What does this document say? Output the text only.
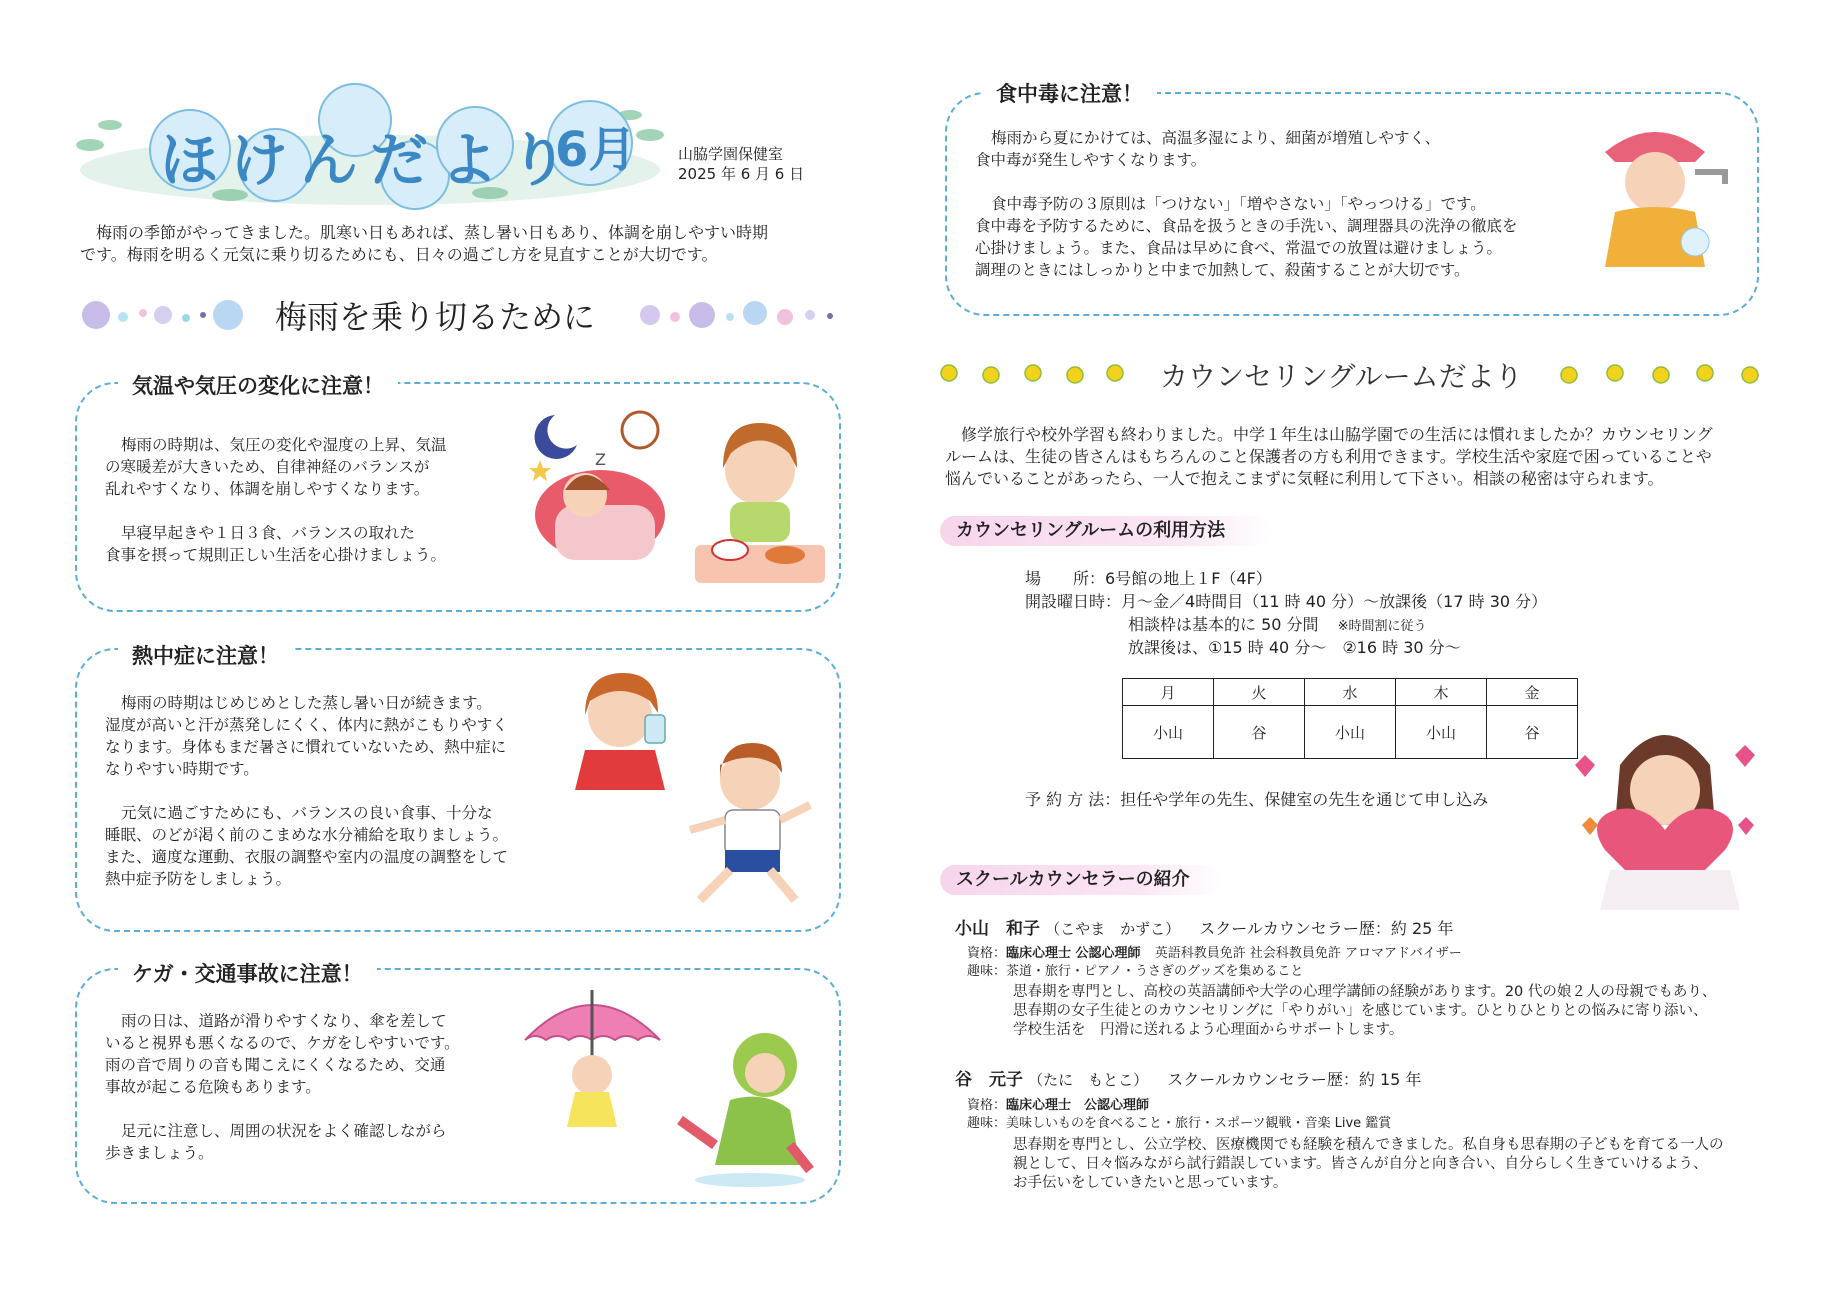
ほけんだより
6月	山脇学園保健室
2025 年 6 月 6 日
梅雨の季節がやってきました。肌寒い日もあれば、蒸し暑い日もあり、体調を崩しやすい時期
です。梅雨を明るく元気に乗り切るためにも、日々の過ごし方を見直すことが大切です。
梅雨を乗り切るために
気温や気圧の変化に注意！

梅雨の時期は、気圧の変化や湿度の上昇、気温
の寒暖差が大きいため、自律神経のバランスが
乱れやすくなり、体調を崩しやすくなります。

早寝早起きや１日３食、バランスの取れた
食事を摂って規則正しい生活を心掛けましょう。

Z
熱中症に注意！

梅雨の時期はじめじめとした蒸し暑い日が続きます。
湿度が高いと汗が蒸発しにくく、体内に熱がこもりやすく
なります。身体もまだ暑さに慣れていないため、熱中症に
なりやすい時期です。

元気に過ごすためにも、バランスの良い食事、十分な
睡眠、のどが渇く前のこまめな水分補給を取りましょう。
また、適度な運動、衣服の調整や室内の温度の調整をして
熱中症予防をしましょう。

ケガ・交通事故に注意！

雨の日は、道路が滑りやすくなり、傘を差して
いると視界も悪くなるので、ケガをしやすいです。
雨の音で周りの音も聞こえにくくなるため、交通
事故が起こる危険もあります。

足元に注意し、周囲の状況をよく確認しながら
歩きましょう。

食中毒に注意！

梅雨から夏にかけては、高温多湿により、細菌が増殖しやすく、
食中毒が発生しやすくなります。

食中毒予防の３原則は「つけない」「増やさない」「やっつける」です。
食中毒を予防するために、食品を扱うときの手洗い、調理器具の洗浄の徹底を
心掛けましょう。また、食品は早めに食べ、常温での放置は避けましょう。
調理のときにはしっかりと中まで加熱して、殺菌することが大切です。

カウンセリングルームだより
修学旅行や校外学習も終わりました。中学１年生は山脇学園での生活には慣れましたか？カウンセリング
ルームは、生徒の皆さんはもちろんのこと保護者の方も利用できます。学校生活や家庭で困っていることや
悩んでいることがあったら、一人で抱えこまずに気軽に利用して下さい。相談の秘密は守られます。
カウンセリングルームの利用方法
場　　所：6号館の地上１F（4F）
開設曜日時：月～金／4時間目（11 時 40 分）～放課後（17 時 30 分）
相談枠は基本的に 50 分間 ※時間割に従う
放課後は、①15 時 40 分～　②16 時 30 分～
月	火	水	木	金
小山	谷	小山	小山	谷
予 約 方 法：担任や学年の先生、保健室の先生を通じて申し込み
スクールカウンセラーの紹介
小山　和子 （こやま　かずこ） スクールカウンセラー歴：約 25 年
資格：臨床心理士 公認心理師 英語科教員免許 社会科教員免許 アロマアドバイザー
趣味：茶道・旅行・ピアノ・うさぎのグッズを集めること
思春期を専門とし、高校の英語講師や大学の心理学講師の経験があります。20 代の娘２人の母親でもあり、
思春期の女子生徒とのカウンセリングに「やりがい」を感じています。ひとりひとりとの悩みに寄り添い、
学校生活を　円滑に送れるよう心理面からサポートします。
谷　元子 （たに　もとこ） スクールカウンセラー歴：約 15 年
資格：臨床心理士　公認心理師
趣味：美味しいものを食べること・旅行・スポーツ観戦・音楽 Live 鑑賞
思春期を専門とし、公立学校、医療機関でも経験を積んできました。私自身も思春期の子どもを育てる一人の
親として、日々悩みながら試行錯誤しています。皆さんが自分と向き合い、自分らしく生きていけるよう、
お手伝いをしていきたいと思っています。
